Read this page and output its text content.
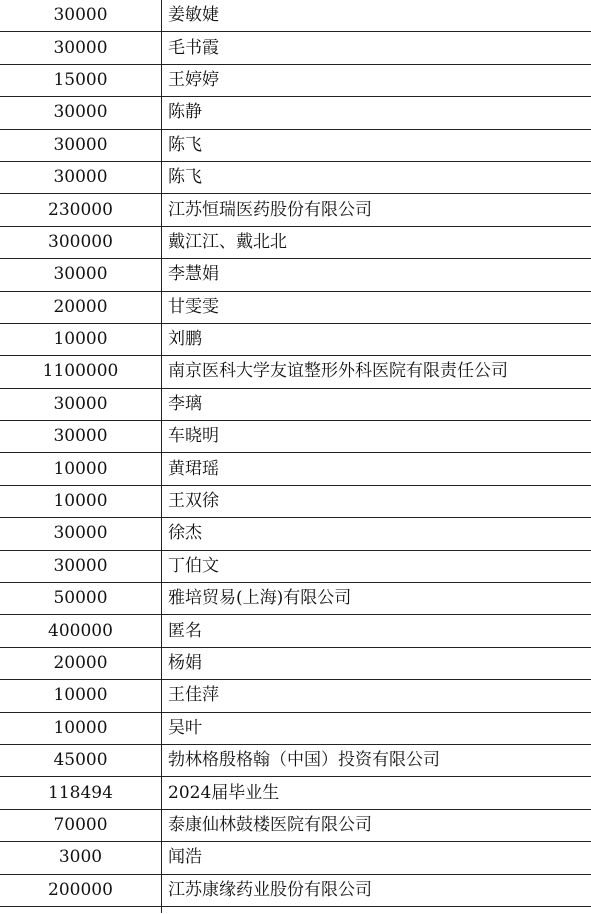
30000	姜敏婕
30000	毛书霞
15000	王婷婷
30000	陈静
30000	陈飞
30000	陈飞
230000	江苏恒瑞医药股份有限公司
300000	戴江江、戴北北
30000	李慧娟
20000	甘雯雯
10000	刘鹏
1100000	南京医科大学友谊整形外科医院有限责任公司
30000	李璃
30000	车晓明
10000	黄珺瑶
10000	王双徐
30000	徐杰
30000	丁伯文
50000	雅培贸易(上海)有限公司
400000	匿名
20000	杨娟
10000	王佳萍
10000	吴叶
45000	勃林格殷格翰（中国）投资有限公司
118494	2024届毕业生
70000	泰康仙林鼓楼医院有限公司
3000	闻浩
200000	江苏康缘药业股份有限公司
